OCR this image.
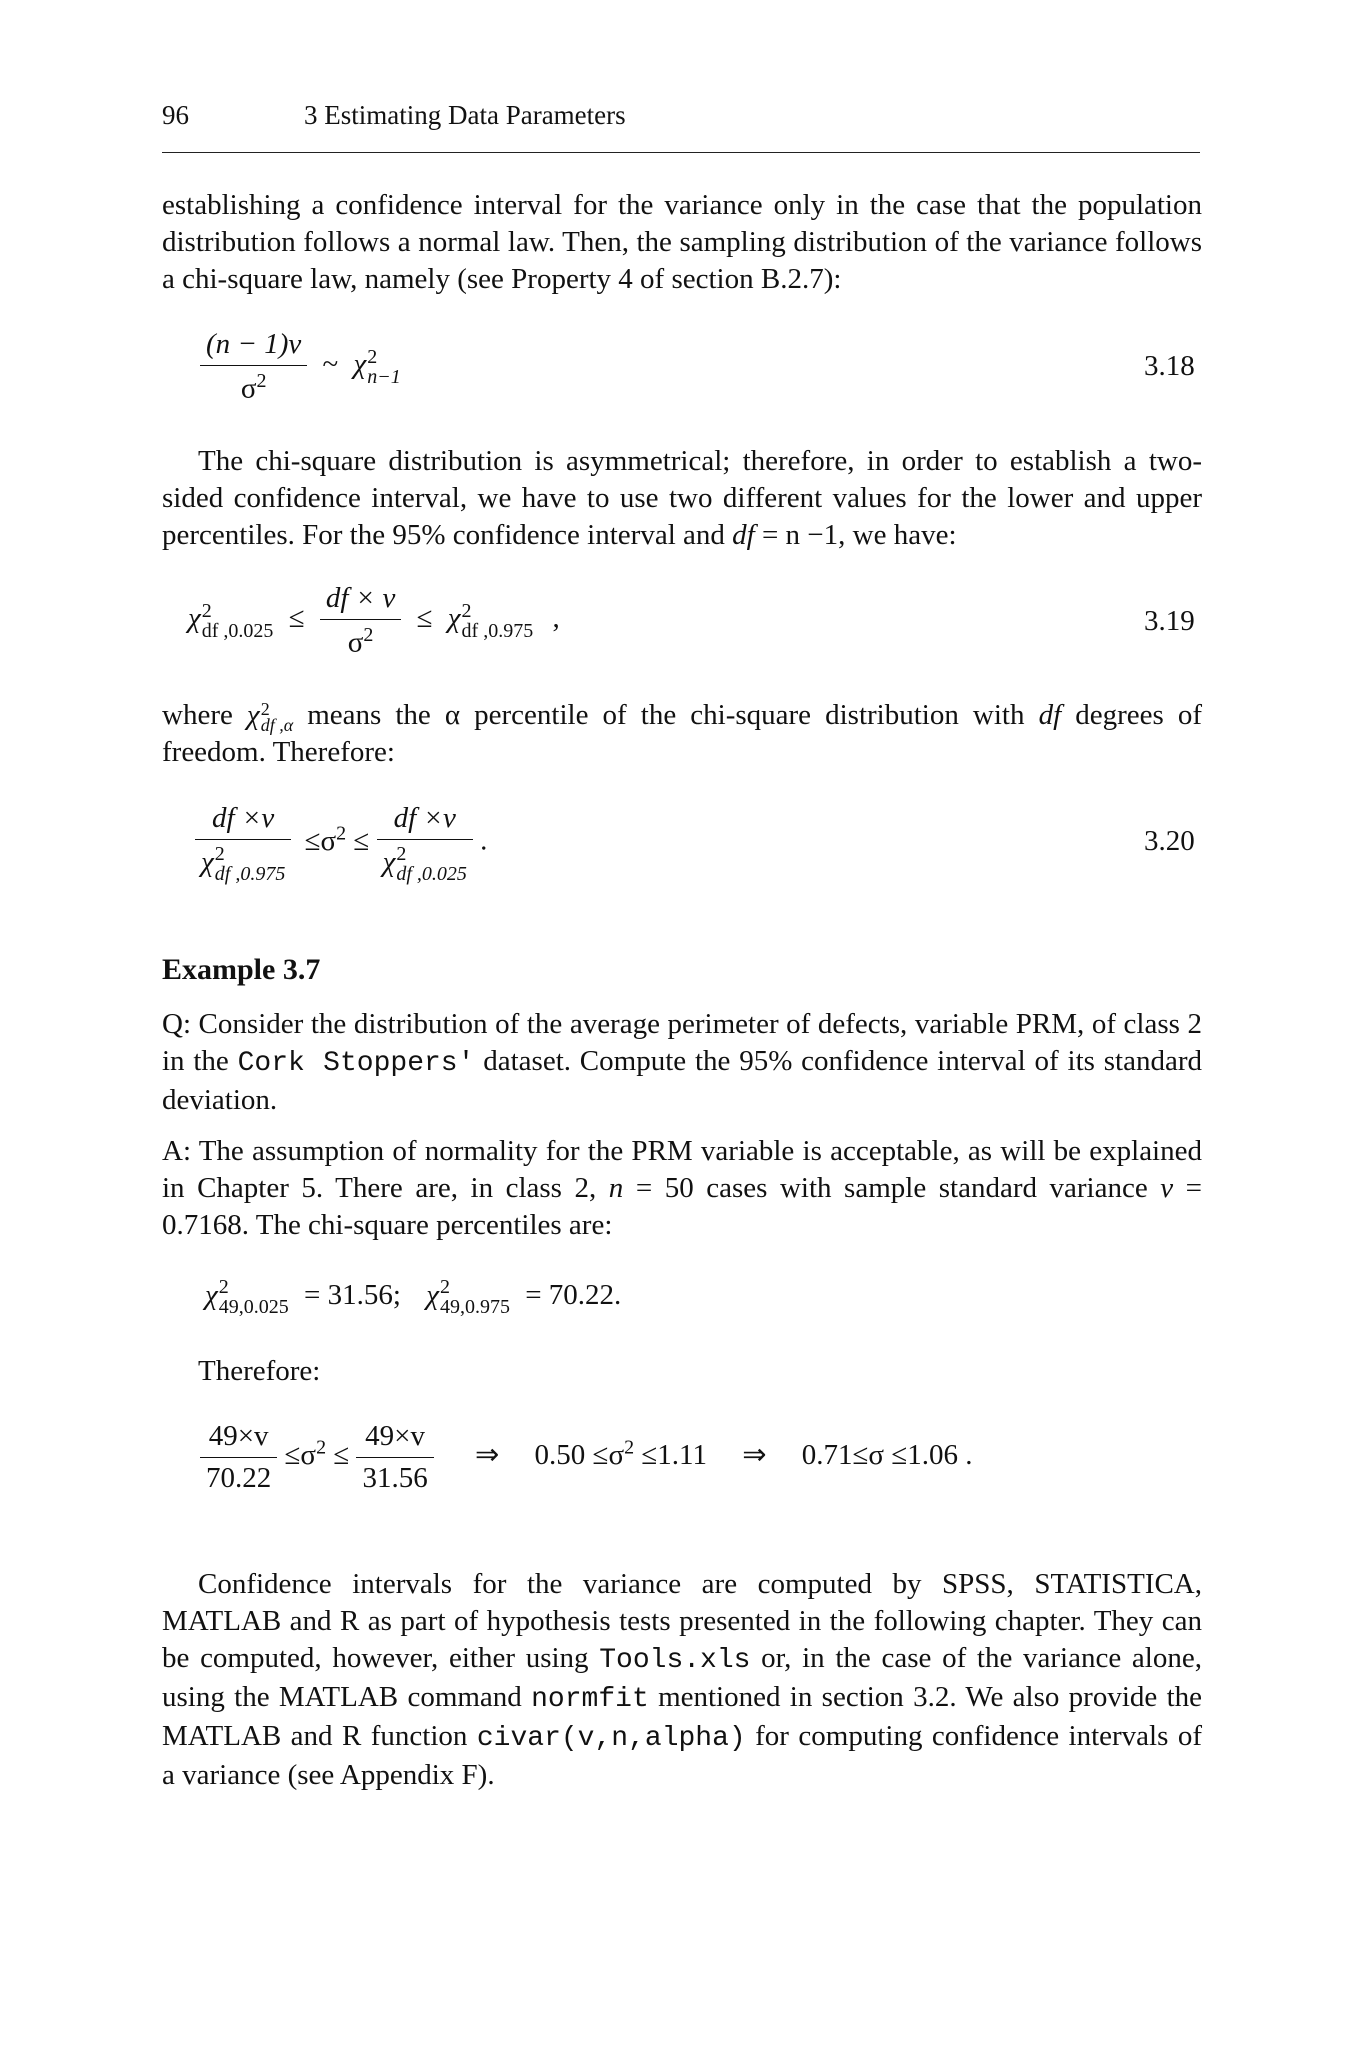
96	3 Estimating Data Parameters

establishing a confidence interval for the variance only in the case that the population distribution follows a normal law. Then, the sampling distribution of the variance follows a chi-square law, namely (see Property 4 of section B.2.7):

$\frac{(n - 1)v}{\sigma^2}$ ~ χ 2
n−1	3.18

The chi-square distribution is asymmetrical; therefore, in order to establish a two-sided confidence interval, we have to use two different values for the lower and upper percentiles. For the 95% confidence interval and df = n −1, we have:

χ 2
df $,0.025 \le \frac{df \times v}{\sigma^2} \le \chi$ 2
df ,0.975 ,	3.19

where χ 2
df ,α means the α percentile of the chi-square distribution with df degrees of freedom. Therefore:

df ×v
χ 2
df $,0.975 \le\sigma^2$ ≤ df ×v
χ 2
df ,0.025 .	3.20
Example 3.7

Q: Consider the distribution of the average perimeter of defects, variable PRM, of class 2 in the Cork Stoppers' dataset. Compute the 95% confidence interval of its standard deviation.

A: The assumption of normality for the PRM variable is acceptable, as will be explained in Chapter 5. There are, in class 2, n = 50 cases with sample standard variance v = 0.7168. The chi-square percentiles are:

χ 2
49,0.025 = 31.56; χ 2
49,0.975 = 70.22.
Therefore:
$\frac{49\times v}{70.22} \le\sigma^2 \le \frac{49\times v}{31.56}$ ⇒ $0.50 \le\sigma^2 \le 1.11$ ⇒ 0.71≤σ ≤1.06 .

Confidence intervals for the variance are computed by SPSS, STATISTICA, MATLAB and R as part of hypothesis tests presented in the following chapter. They can be computed, however, either using Tools.xls or, in the case of the variance alone, using the MATLAB command normfit mentioned in section 3.2. We also provide the MATLAB and R function civar(v,n,alpha) for computing confidence intervals of a variance (see Appendix F).
